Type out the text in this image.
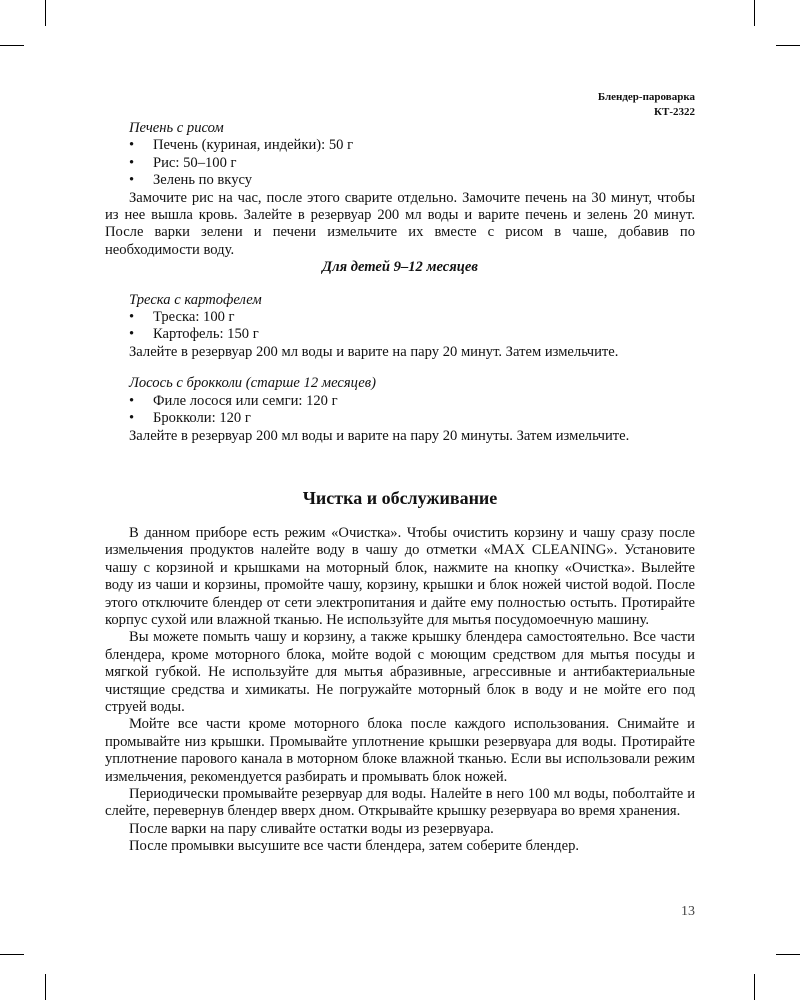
Блендер-пароварка
КТ-2322

Печень с рисом

• Печень (куриная, индейки): 50 г
• Рис: 50–100 г
• Зелень по вкусу

Замочите рис на час, после этого сварите отдельно. Замочите печень на 30 минут, чтобы из нее вышла кровь. Залейте в резервуар 200 мл воды и варите печень и зелень 20 минут. После варки зелени и печени измельчите их вместе с рисом в чаше, добавив по необходимости воду.

Для детей 9–12 месяцев

Треска с картофелем

• Треска: 100 г
• Картофель: 150 г

Залейте в резервуар 200 мл воды и варите на пару 20 минут. Затем измельчите.

Лосось с брокколи (старше 12 месяцев)

• Филе лосося или семги: 120 г
• Брокколи: 120 г

Залейте в резервуар 200 мл воды и варите на пару 20 минуты. Затем измельчите.

Чистка и обслуживание

В данном приборе есть режим «Очистка». Чтобы очистить корзину и чашу сразу после измельчения продуктов налейте воду в чашу до отметки «MAX CLEANING». Установите чашу с корзиной и крышками на моторный блок, нажмите на кнопку «Очистка». Вылейте воду из чаши и корзины, промойте чашу, корзину, крышки и блок ножей чистой водой. После этого отключите блендер от сети электропитания и дайте ему полностью остыть. Протирайте корпус сухой или влажной тканью. Не используйте для мытья посудомоечную машину.

Вы можете помыть чашу и корзину, а также крышку блендера самостоятельно. Все части блендера, кроме моторного блока, мойте водой с моющим средством для мытья посуды и мягкой губкой. Не используйте для мытья абразивные, агрессивные и антибактериальные чистящие средства и химикаты. Не погружайте моторный блок в воду и не мойте его под струей воды.

Мойте все части кроме моторного блока после каждого использования. Снимайте и промывайте низ крышки. Промывайте уплотнение крышки резервуара для воды. Протирайте уплотнение парового канала в моторном блоке влажной тканью. Если вы использовали режим измельчения, рекомендуется разбирать и промывать блок ножей.

Периодически промывайте резервуар для воды. Налейте в него 100 мл воды, поболтайте и слейте, перевернув блендер вверх дном. Открывайте крышку резервуара во время хранения.

После варки на пару сливайте остатки воды из резервуара.

После промывки высушите все части блендера, затем соберите блендер.

13
